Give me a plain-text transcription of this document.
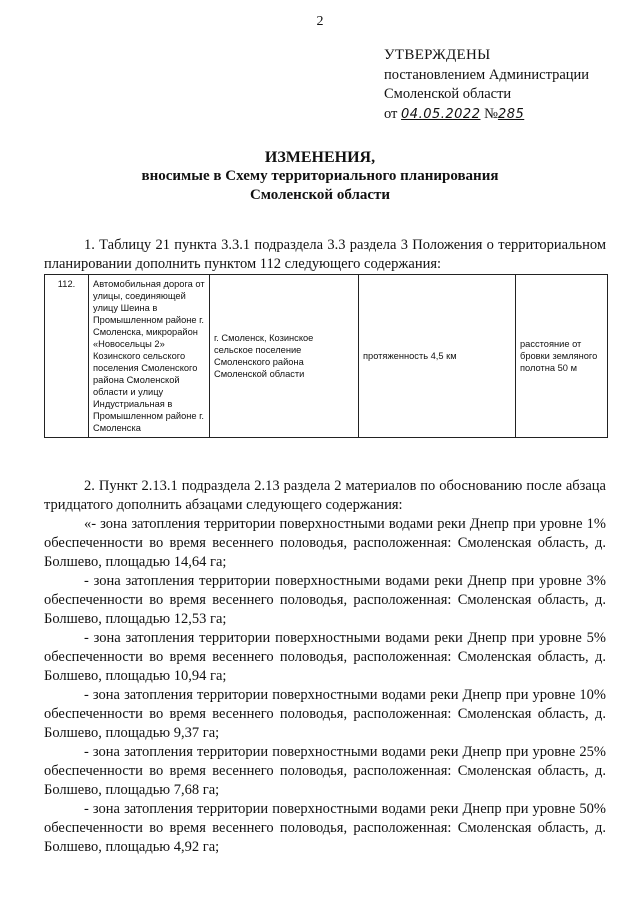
2
УТВЕРЖДЕНЫ
постановлением Администрации
Смоленской области
от 04.05.2022 №285
ИЗМЕНЕНИЯ,
вносимые в Схему территориального планирования
Смоленской области
1. Таблицу 21 пункта 3.3.1 подраздела 3.3 раздела 3 Положения о территориальном планировании дополнить пунктом 112 следующего содержания:
112.	Автомобильная дорога от улицы, соединяющей улицу Шеина в Промышленном районе г. Смоленска, микрорайон «Новосельцы 2» Козинского сельского поселения Смоленского района Смоленской области и улицу Индустриальная в Промышленном районе г. Смоленска	г. Смоленск, Козинское сельское поселение Смоленского района Смоленской области	протяженность 4,5 км	расстояние от бровки земляного полотна 50 м
2. Пункт 2.13.1 подраздела 2.13 раздела 2 материалов по обоснованию после абзаца тридцатого дополнить абзацами следующего содержания:
«- зона затопления территории поверхностными водами реки Днепр при уровне 1% обеспеченности во время весеннего половодья, расположенная: Смоленская область, д. Болшево, площадью 14,64 га;
- зона затопления территории поверхностными водами реки Днепр при уровне 3% обеспеченности во время весеннего половодья, расположенная: Смоленская область, д. Болшево, площадью 12,53 га;
- зона затопления территории поверхностными водами реки Днепр при уровне 5% обеспеченности во время весеннего половодья, расположенная: Смоленская область, д. Болшево, площадью 10,94 га;
- зона затопления территории поверхностными водами реки Днепр при уровне 10% обеспеченности во время весеннего половодья, расположенная: Смоленская область, д. Болшево, площадью 9,37 га;
- зона затопления территории поверхностными водами реки Днепр при уровне 25% обеспеченности во время весеннего половодья, расположенная: Смоленская область, д. Болшево, площадью 7,68 га;
- зона затопления территории поверхностными водами реки Днепр при уровне 50% обеспеченности во время весеннего половодья, расположенная: Смоленская область, д. Болшево, площадью 4,92 га;
